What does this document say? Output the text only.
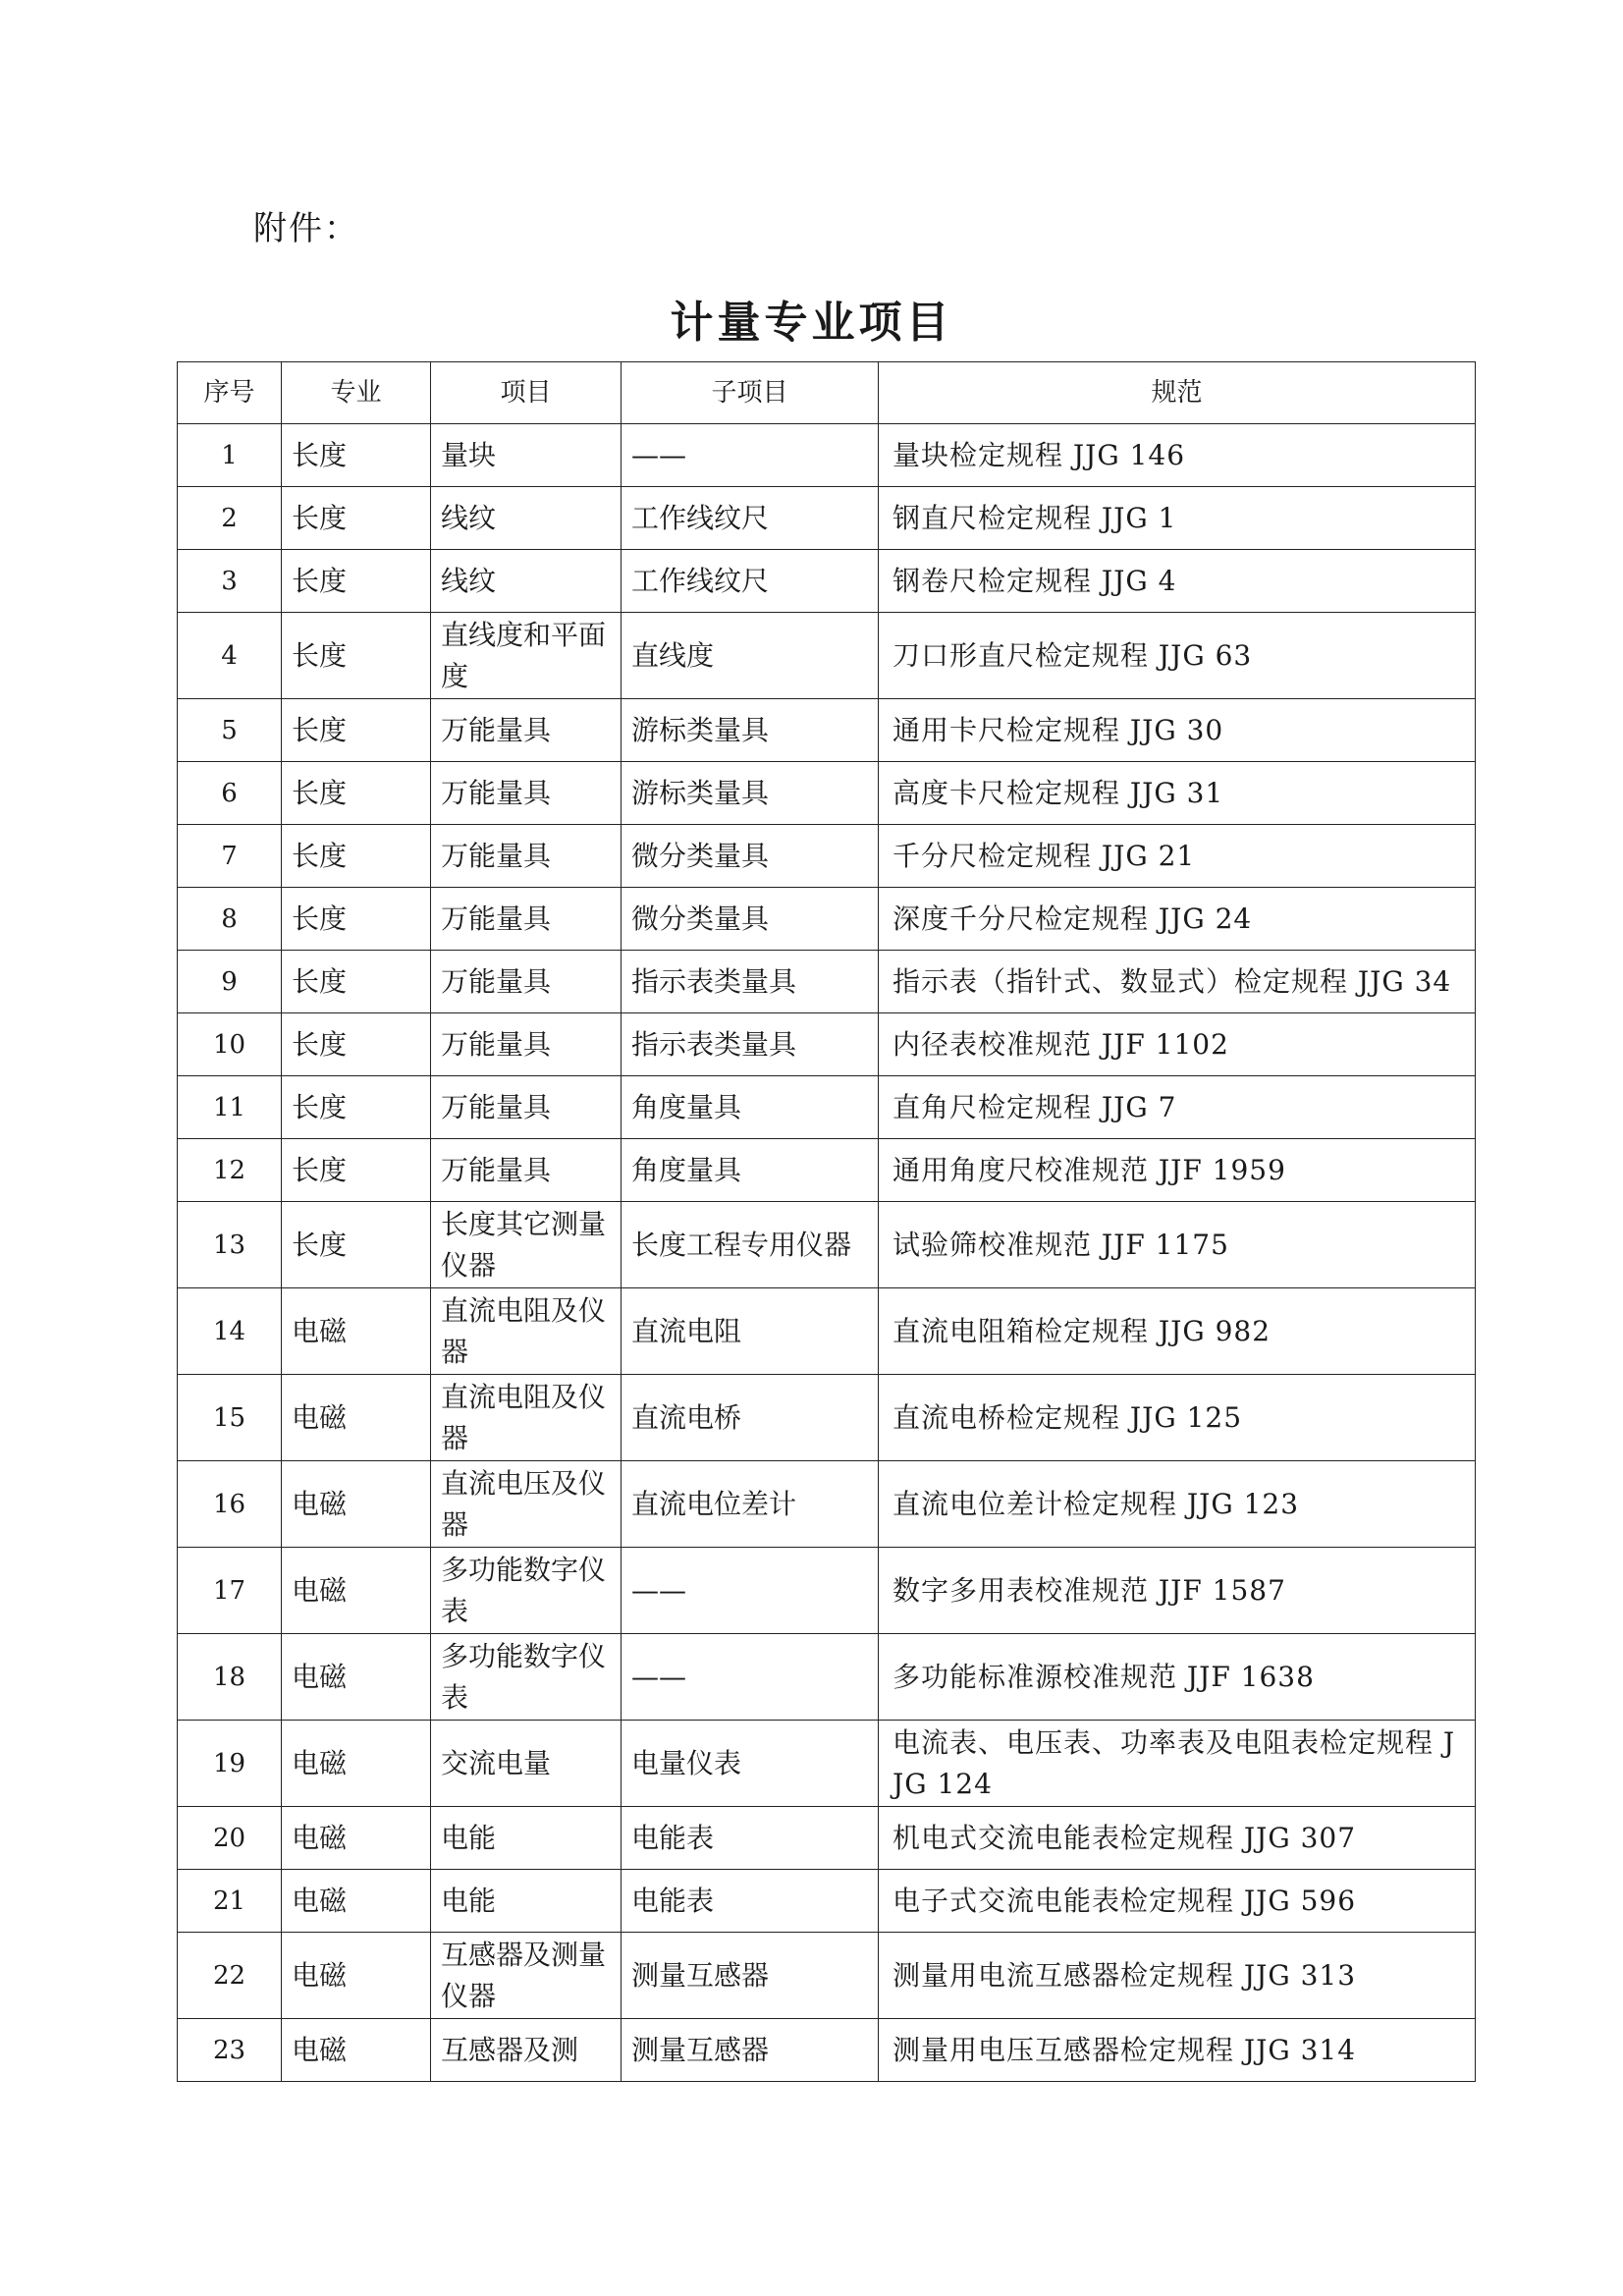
附件：
计量专业项目
序号	专业	项目	子项目	规范
1	长度	量块	——	量块检定规程 JJG 146
2	长度	线纹	工作线纹尺	钢直尺检定规程 JJG 1
3	长度	线纹	工作线纹尺	钢卷尺检定规程 JJG 4
4	长度	直线度和平面度	直线度	刀口形直尺检定规程 JJG 63
5	长度	万能量具	游标类量具	通用卡尺检定规程 JJG 30
6	长度	万能量具	游标类量具	高度卡尺检定规程 JJG 31
7	长度	万能量具	微分类量具	千分尺检定规程 JJG 21
8	长度	万能量具	微分类量具	深度千分尺检定规程 JJG 24
9	长度	万能量具	指示表类量具	指示表（指针式、数显式）检定规程 JJG 34
10	长度	万能量具	指示表类量具	内径表校准规范 JJF 1102
11	长度	万能量具	角度量具	直角尺检定规程 JJG 7
12	长度	万能量具	角度量具	通用角度尺校准规范 JJF 1959
13	长度	长度其它测量仪器	长度工程专用仪器	试验筛校准规范 JJF 1175
14	电磁	直流电阻及仪器	直流电阻	直流电阻箱检定规程 JJG 982
15	电磁	直流电阻及仪器	直流电桥	直流电桥检定规程 JJG 125
16	电磁	直流电压及仪器	直流电位差计	直流电位差计检定规程 JJG 123
17	电磁	多功能数字仪表	——	数字多用表校准规范 JJF 1587
18	电磁	多功能数字仪表	——	多功能标准源校准规范 JJF 1638
19	电磁	交流电量	电量仪表	电流表、电压表、功率表及电阻表检定规程 JJG 124
20	电磁	电能	电能表	机电式交流电能表检定规程 JJG 307
21	电磁	电能	电能表	电子式交流电能表检定规程 JJG 596
22	电磁	互感器及测量仪器	测量互感器	测量用电流互感器检定规程 JJG 313
23	电磁	互感器及测	测量互感器	测量用电压互感器检定规程 JJG 314
